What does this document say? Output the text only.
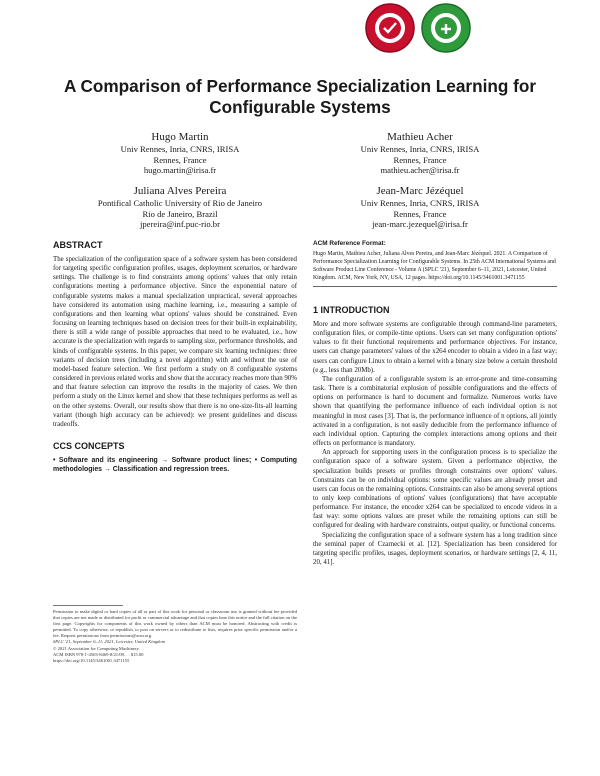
A Comparison of Performance Specialization Learning for
Configurable Systems
Hugo Martin
Univ Rennes, Inria, CNRS, IRISA
Rennes, France
hugo.martin@irisa.fr
Mathieu Acher
Univ Rennes, Inria, CNRS, IRISA
Rennes, France
mathieu.acher@irisa.fr
Juliana Alves Pereira
Pontifical Catholic University of Rio de Janeiro
Rio de Janeiro, Brazil
jpereira@inf.puc-rio.br
Jean-Marc Jézéquel
Univ Rennes, Inria, CNRS, IRISA
Rennes, France
jean-marc.jezequel@irisa.fr
ABSTRACT

The specialization of the configuration space of a software system has been considered for targeting specific configuration profiles, usages, deployment scenarios, or hardware settings. The challenge is to find constraints among options' values that only retain configurations meeting a performance objective. Since the exponential nature of configurable systems makes a manual specialization unpractical, several approaches have considered its automation using machine learning, i.e., measuring a sample of configurations and then learning what options' values should be constrained. Even focusing on learning techniques based on decision trees for their built-in explainability, there is still a wide range of possible approaches that need to be evaluated, i.e., how accurate is the specialization with regards to sampling size, performance thresholds, and kinds of configurable systems. In this paper, we compare six learning techniques: three variants of decision trees (including a novel algorithm) with and without the use of model-based feature selection. We first perform a study on 8 configurable systems considered in previous related works and show that the accuracy reaches more than 90% and that feature selection can improve the results in the majority of cases. We then perform a study on the Linux kernel and show that these techniques performs as well as on the other systems. Overall, our results show that there is no one-size-fits-all learning variant (though high accuracy can be achieved): we present guidelines and discuss tradeoffs.

CCS CONCEPTS

• Software and its engineering → Software product lines; • Computing methodologies → Classification and regression trees.

Permission to make digital or hard copies of all or part of this work for personal or classroom use is granted without fee provided that copies are not made or distributed for profit or commercial advantage and that copies bear this notice and the full citation on the first page. Copyrights for components of this work owned by others than ACM must be honored. Abstracting with credit is permitted. To copy otherwise, or republish, to post on servers or to redistribute to lists, requires prior specific permission and/or a fee. Request permissions from permissions@acm.org.

SPLC '21, September 6–11, 2021, Leicester, United Kingdom

© 2021 Association for Computing Machinery.

ACM ISBN 978-1-4503-8469-8/21/09. . . $15.00

https://doi.org/10.1145/3461001.3471155

ACM Reference Format:

Hugo Martin, Mathieu Acher, Juliana Alves Pereira, and Jean-Marc Jézéquel. 2021. A Comparison of Performance Specialization Learning for Configurable Systems. In 25th ACM International Systems and Software Product Line Conference - Volume A (SPLC '21), September 6–11, 2021, Leicester, United Kingdom. ACM, New York, NY, USA, 12 pages. https://doi.org/10.1145/3461001.3471155

1 INTRODUCTION

More and more software systems are configurable through command-line parameters, configuration files, or compile-time options. Users can set many configuration options' values to fit their functional requirements and performance objectives. For instance, users can change parameters' values of the x264 encoder to obtain a video in a fast way; users can configure Linux to obtain a kernel with a binary size below a certain threshold (e.g., less than 20Mb).

The configuration of a configurable system is an error-prone and time-consuming task. There is a combinatorial explosion of possible configurations and the effects of options on performance is hard to document and formalize. Numerous works have shown that quantifying the performance influence of each individual option is not meaningful in most cases [3]. That is, the performance influence of n options, all jointly activated in a configuration, is not easily deducible from the performance influence of each individual option. Capturing the complex interactions among options and their effects on performance is mandatory.

An approach for supporting users in the configuration process is to specialize the configuration space of a software system. Given a performance objective, the specialization builds presets or profiles through constraints over options' values. Constraints can be on individual options: some specific values are already preset and users can focus on the remaining options. Constraints can also be among several options to only keep combinations of options' values (configurations) that have acceptable performance. For instance, the encoder x264 can be specialized to encode videos in a fast way: some options values are preset while the remaining options can still be configured for dealing with hardware constraints, output quality, or functional concerns.

Specializing the configuration space of a software system has a long tradition since the seminal paper of Czarnecki et al. [12]. Specialization has been considered for targeting specific profiles, usages, deployment scenarios, or hardware settings [2, 4, 11, 20, 41].
